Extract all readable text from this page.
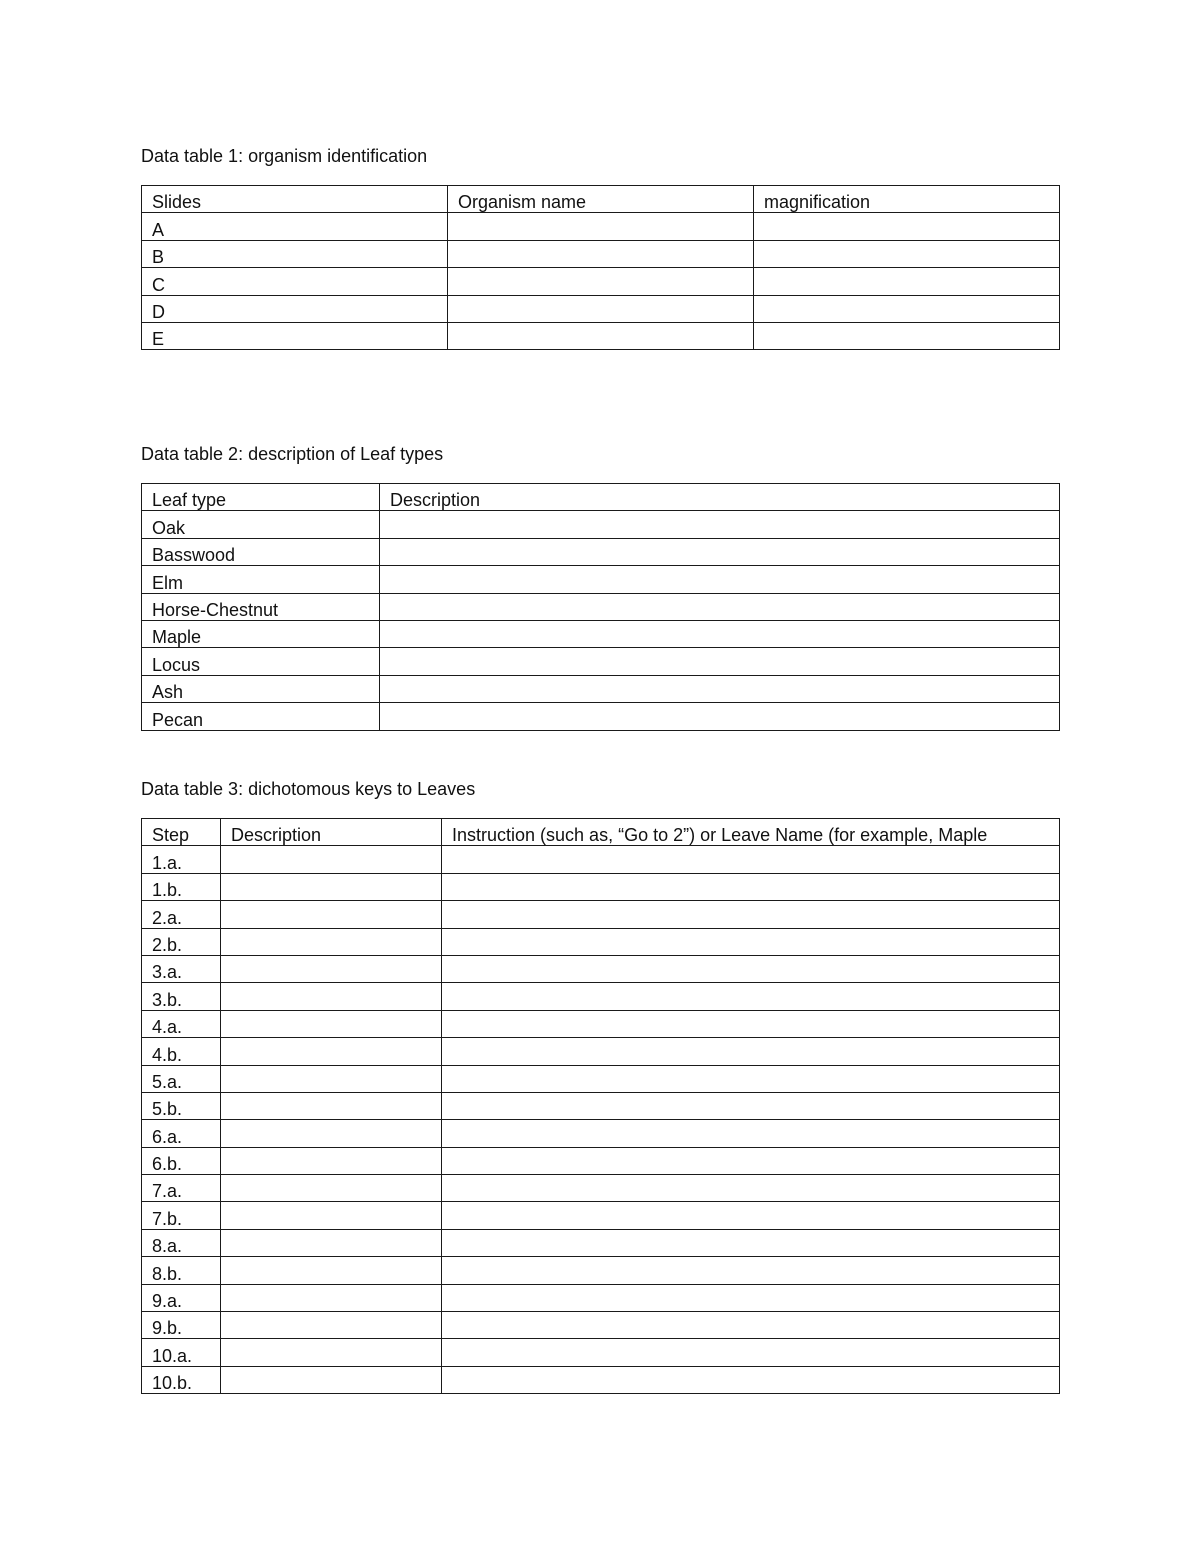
Data table 1: organism identification
Slides	Organism name	magnification
A		
B		
C		
D		
E		
Data table 2: description of Leaf types
Leaf type	Description
Oak	
Basswood	
Elm	
Horse-Chestnut	
Maple	
Locus	
Ash	
Pecan	
Data table 3: dichotomous keys to Leaves
Step	Description	Instruction (such as, “Go to 2”) or Leave Name (for example, Maple
1.a.		
1.b.		
2.a.		
2.b.		
3.a.		
3.b.		
4.a.		
4.b.		
5.a.		
5.b.		
6.a.		
6.b.		
7.a.		
7.b.		
8.a.		
8.b.		
9.a.		
9.b.		
10.a.		
10.b.		
